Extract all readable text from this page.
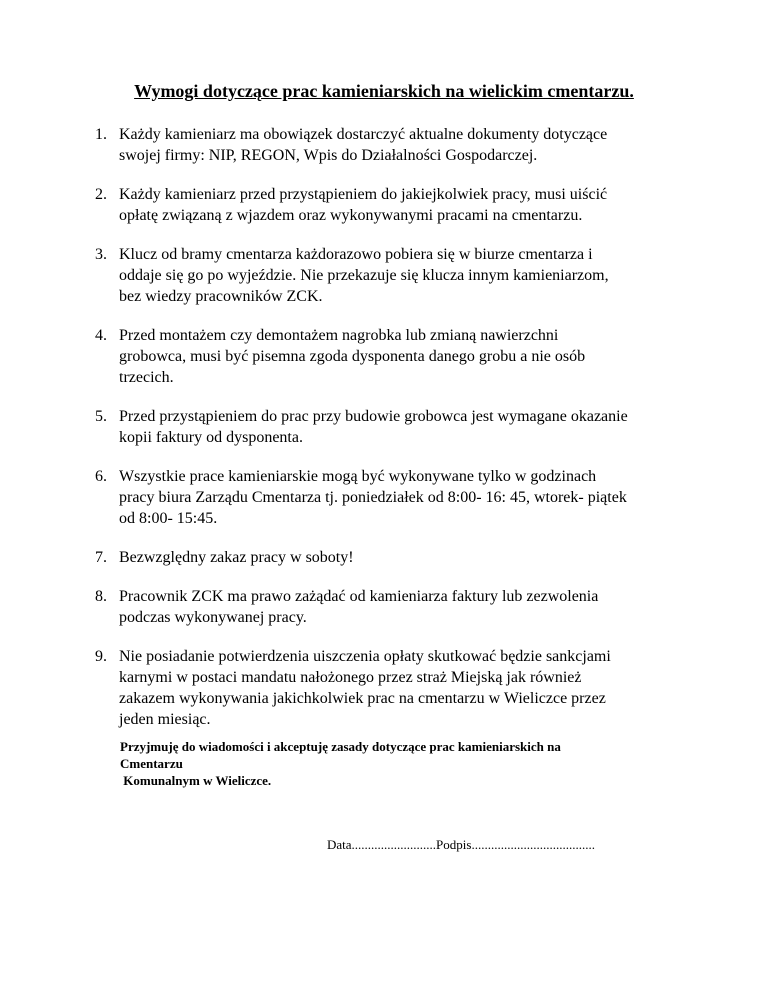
Wymogi dotyczące prac kamieniarskich na wielickim cmentarzu.
1. Każdy kamieniarz ma obowiązek dostarczyć aktualne dokumenty dotyczące
swojej firmy: NIP, REGON, Wpis do Działalności Gospodarczej.
2. Każdy kamieniarz przed przystąpieniem do jakiejkolwiek pracy, musi uiścić
opłatę związaną z wjazdem oraz wykonywanymi pracami na cmentarzu.
3. Klucz od bramy cmentarza każdorazowo pobiera się w biurze cmentarza i
oddaje się go po wyjeździe. Nie przekazuje się klucza innym kamieniarzom,
bez wiedzy pracowników ZCK.
4. Przed montażem czy demontażem nagrobka lub zmianą nawierzchni
grobowca, musi być pisemna zgoda dysponenta danego grobu a nie osób
trzecich.
5. Przed przystąpieniem do prac przy budowie grobowca jest wymagane okazanie
kopii faktury od dysponenta.
6. Wszystkie prace kamieniarskie mogą być wykonywane tylko w godzinach
pracy biura Zarządu Cmentarza tj. poniedziałek od 8:00- 16: 45, wtorek- piątek
od 8:00- 15:45.
7. Bezwzględny zakaz pracy w soboty!
8. Pracownik ZCK ma prawo zażądać od kamieniarza faktury lub zezwolenia
podczas wykonywanej pracy.
9. Nie posiadanie potwierdzenia uiszczenia opłaty skutkować będzie sankcjami
karnymi w postaci mandatu nałożonego przez straż Miejską jak również
zakazem wykonywania jakichkolwiek prac na cmentarzu w Wieliczce przez
jeden miesiąc.
Przyjmuję do wiadomości i akceptuję zasady dotyczące prac kamieniarskich na
Cmentarzu
Komunalnym w Wieliczce.
Data..........................Podpis......................................
